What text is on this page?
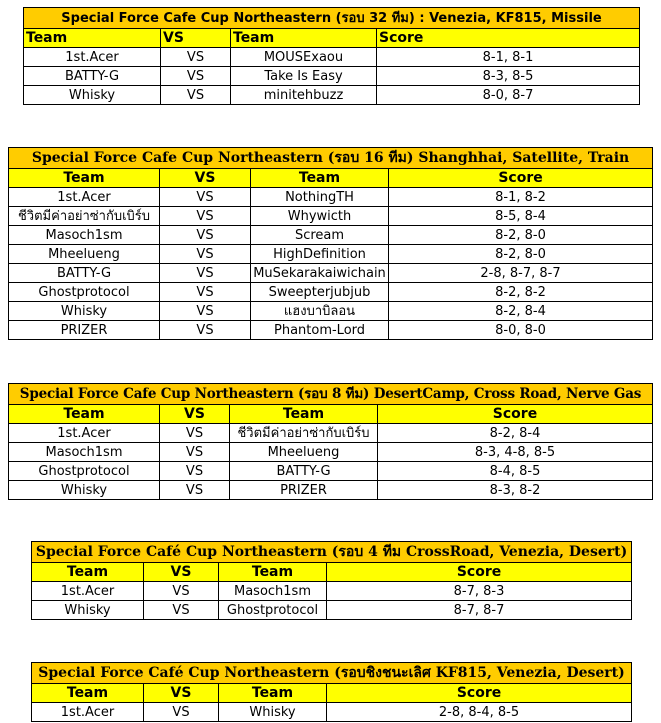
Special Force Cafe Cup Northeastern (รอบ 32 ทีม) : Venezia, KF815, Missile			
Team	VS	Team	Score
1st.Acer	VS	MOUSExaou	8-1, 8-1
BATTY-G	VS	Take Is Easy	8-3, 8-5
Whisky	VS	minitehbuzz	8-0, 8-7
Special Force Cafe Cup Northeastern (รอบ 16 ทีม) Shanghhai, Satellite, Train			
Team	VS	Team	Score
1st.Acer	VS	NothingTH	8-1, 8-2
ชีวิตมีค่าอย่าซ่ากับเบิร์บ	VS	Whywicth	8-5, 8-4
Masoch1sm	VS	Scream	8-2, 8-0
Mheelueng	VS	HighDefinition	8-2, 8-0
BATTY-G	VS	MuSekarakaiwichain	2-8, 8-7, 8-7
Ghostprotocol	VS	Sweepterjubjub	8-2, 8-2
Whisky	VS	แฮงบาบิลอน	8-2, 8-4
PRIZER	VS	Phantom-Lord	8-0, 8-0
Special Force Cafe Cup Northeastern (รอบ 8 ทีม) DesertCamp, Cross Road, Nerve Gas			
Team	VS	Team	Score
1st.Acer	VS	ชีวิตมีค่าอย่าซ่ากับเบิร์บ	8-2, 8-4
Masoch1sm	VS	Mheelueng	8-3, 4-8, 8-5
Ghostprotocol	VS	BATTY-G	8-4, 8-5
Whisky	VS	PRIZER	8-3, 8-2
Special Force Café Cup Northeastern (รอบ 4 ทีม CrossRoad, Venezia, Desert)			
Team	VS	Team	Score
1st.Acer	VS	Masoch1sm	8-7, 8-3
Whisky	VS	Ghostprotocol	8-7, 8-7
Special Force Café Cup Northeastern (รอบชิงชนะเลิศ KF815, Venezia, Desert)			
Team	VS	Team	Score
1st.Acer	VS	Whisky	2-8, 8-4, 8-5
